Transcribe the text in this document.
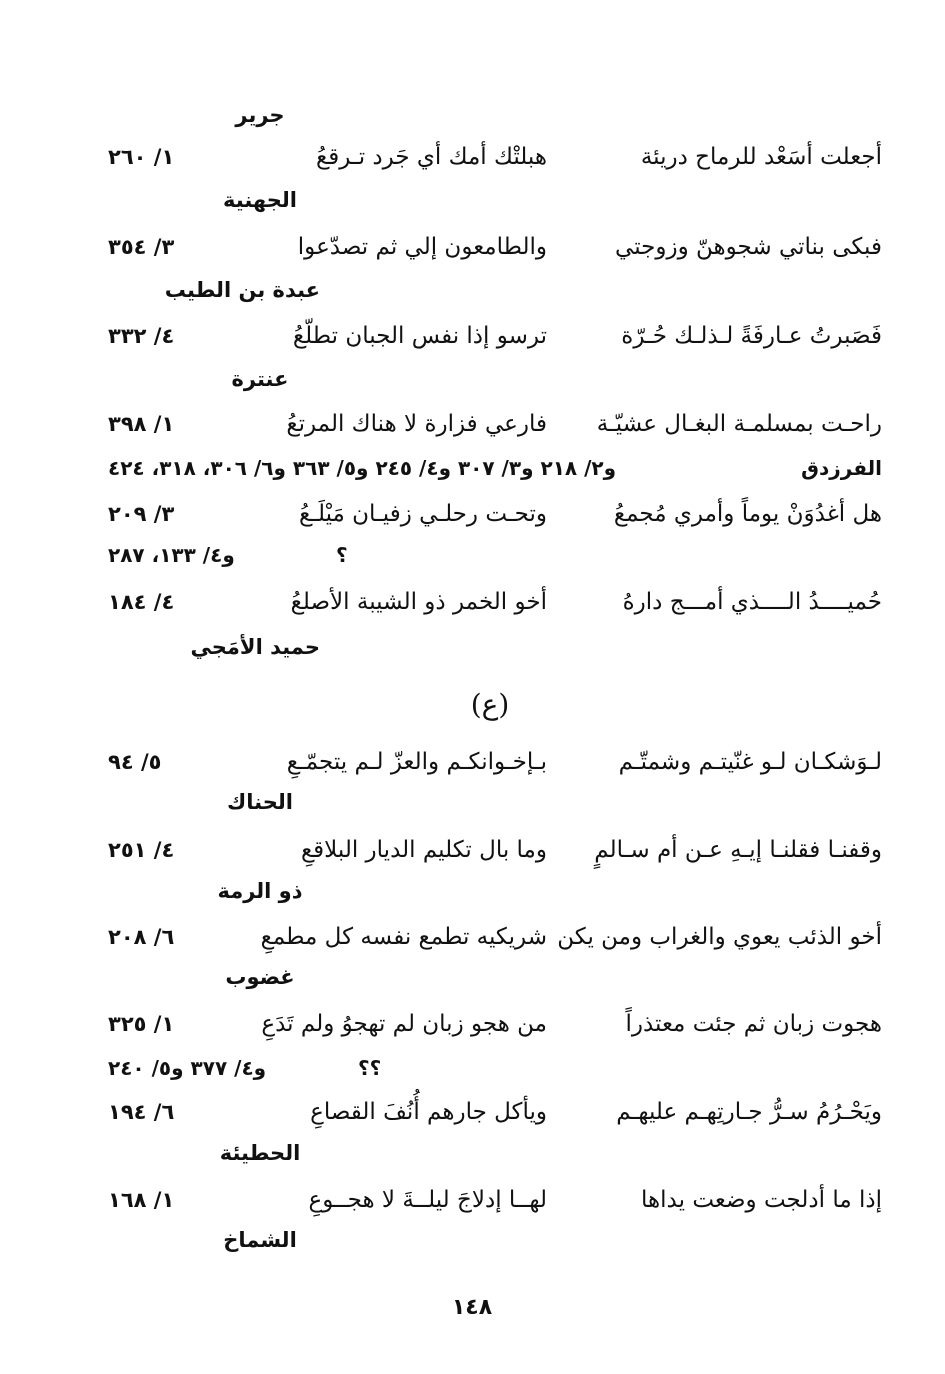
جرير
أجعلت أسَعْد للرماح دريئة
هبلتْك أمك أي جَرد تـرقعُ
١/ ٢٦٠
الجهنية
فبكى بناتي شجوهنّ وزوجتي
والطامعون إلي ثم تصدّعوا
٣/ ٣٥٤
عبدة بن الطيب
فَصَبرتُ عـارفَةً لـذلـك حُـرّة
ترسو إذا نفس الجبان تطلّعُ
٤/ ٣٣٢
عنترة
راحـت بمسلمـة البغـال عشيّـة
فارعي فزارة لا هناك المرتعُ
١/ ٣٩٨
الفرزدق
و٢/ ٢١٨ و٣/ ٣٠٧ و٤/ ٢٤٥ و٥/ ٣٦٣ و٦/ ٣٠٦، ٣١٨، ٤٢٤
هل أغدُوَنْ يوماً وأمري مُجمعُ
وتحـت رحلـي زفيـان مَيْلَـعُ
٣/ ٢٠٩
؟
و٤/ ١٣٣، ٢٨٧
حُميــــدُ الــــذي أمـــج دارهُ
أخو الخمر ذو الشيبة الأصلعُ
٤/ ١٨٤
حميد الأمَجي
(ع)
لـوَشكـان لـو غنّيتـم وشمتّـم
بـإخـوانكـم والعزّ لـم يتجمّـعِ
٥/ ٩٤
الحناك
وقفنـا فقلنـا إيـهِ عـن أم سـالمٍ
وما بال تكليم الديار البلاقعِ
٤/ ٢٥١
ذو الرمة
أخو الذئب يعوي والغراب ومن يكن
شريكيه تطمع نفسه كل مطمعِ
٦/ ٢٠٨
غضوب
هجوت زبان ثم جئت معتذراً
من هجو زبان لم تهجوُ ولم تَدَعِ
١/ ٣٢٥
؟؟
و٤/ ٣٧٧ و٥/ ٢٤٠
ويَحْـرُمُ سـرُّ جـارتِهـم عليهـم
ويأكل جارهم أُنُفَ القصاعِ
٦/ ١٩٤
الحطيئة
إذا ما أدلجت وضعت يداها
لهــا إدلاجَ ليلــةَ لا هجــوعِ
١/ ١٦٨
الشماخ
١٤٨
